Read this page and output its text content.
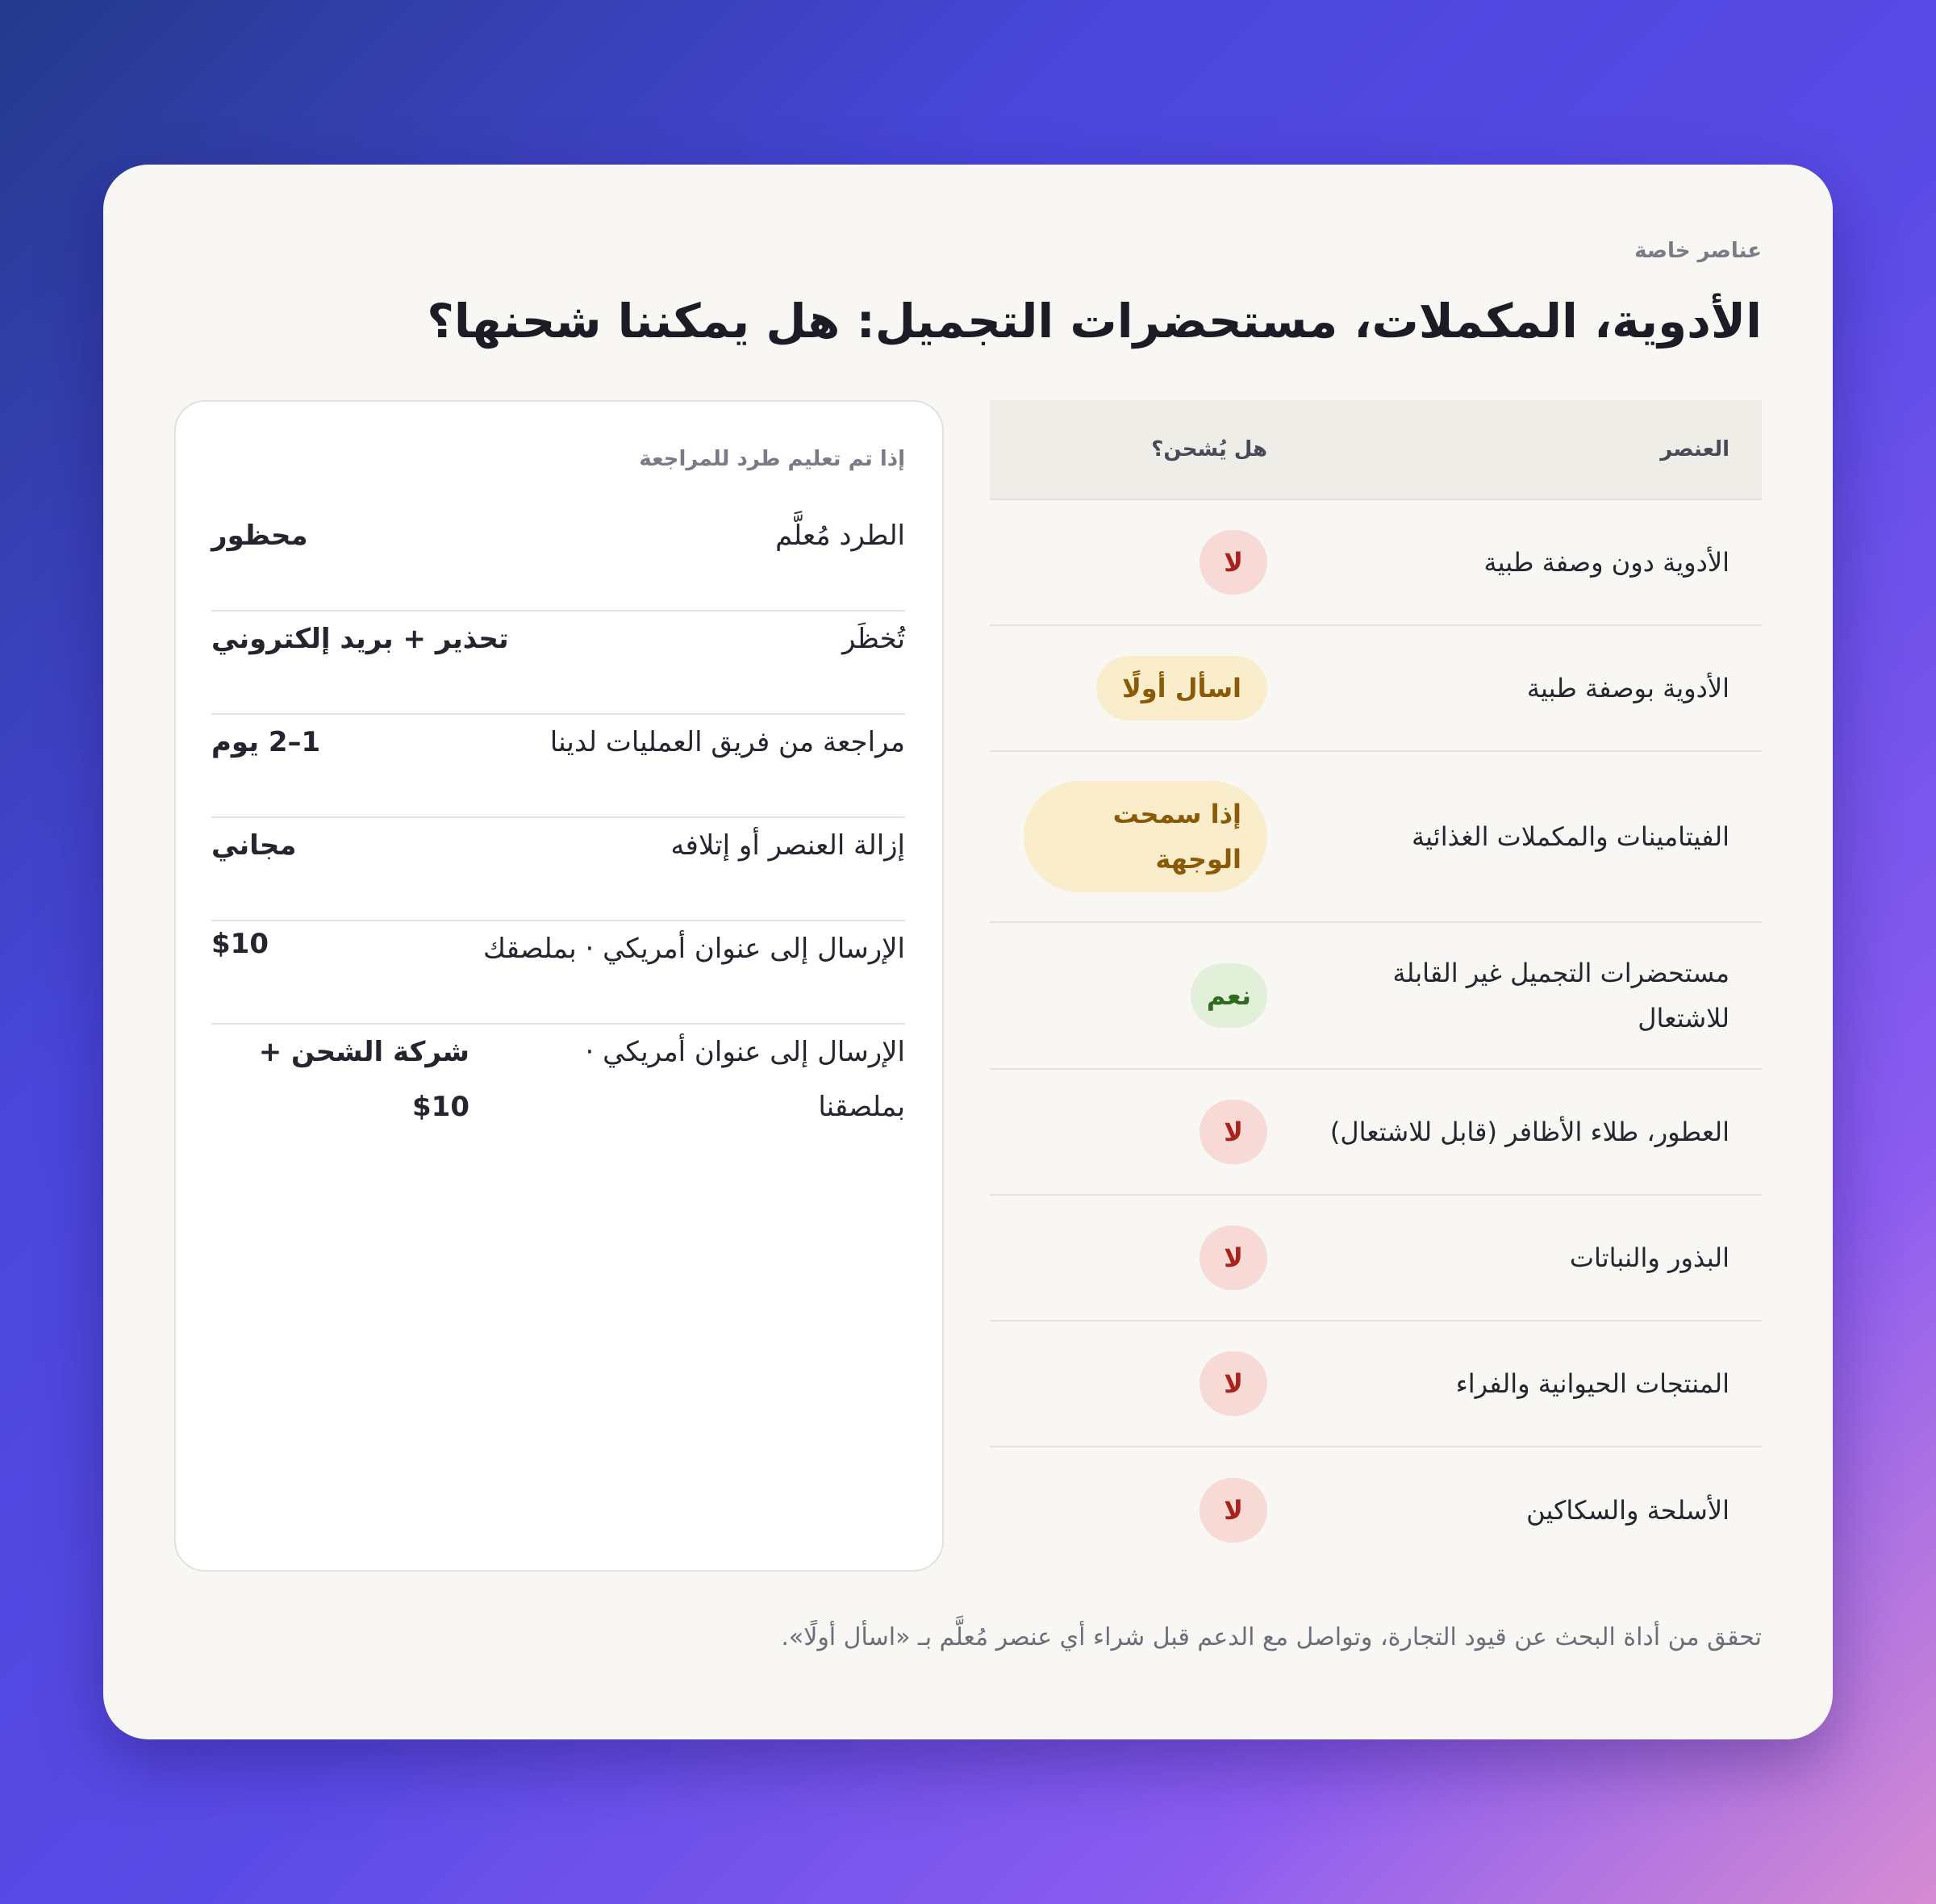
عناصر خاصة
الأدوية، المكملات، مستحضرات التجميل: هل يمكننا شحنها؟
العنصر
هل يُشحن؟
الأدوية دون وصفة طبية
لا
الأدوية بوصفة طبية
اسأل أولًا
الفيتامينات والمكملات الغذائية
إذا سمحت الوجهة
مستحضرات التجميل غير القابلة للاشتعال
نعم
العطور، طلاء الأظافر (قابل للاشتعال)
لا
البذور والنباتات
لا
المنتجات الحيوانية والفراء
لا
الأسلحة والسكاكين
لا
إذا تم تعليم طرد للمراجعة
الطرد مُعلَّم
محظور
تُخظَر
تحذير + بريد إلكتروني
مراجعة من فريق العمليات لدينا
1–2 يوم
إزالة العنصر أو إتلافه
مجاني
الإرسال إلى عنوان أمريكي · بملصقك
$10
الإرسال إلى عنوان أمريكي · بملصقنا
شركة الشحن + 10$

تحقق من أداة البحث عن قيود التجارة، وتواصل مع الدعم قبل شراء أي عنصر مُعلَّم بـ «اسأل أولًا».
